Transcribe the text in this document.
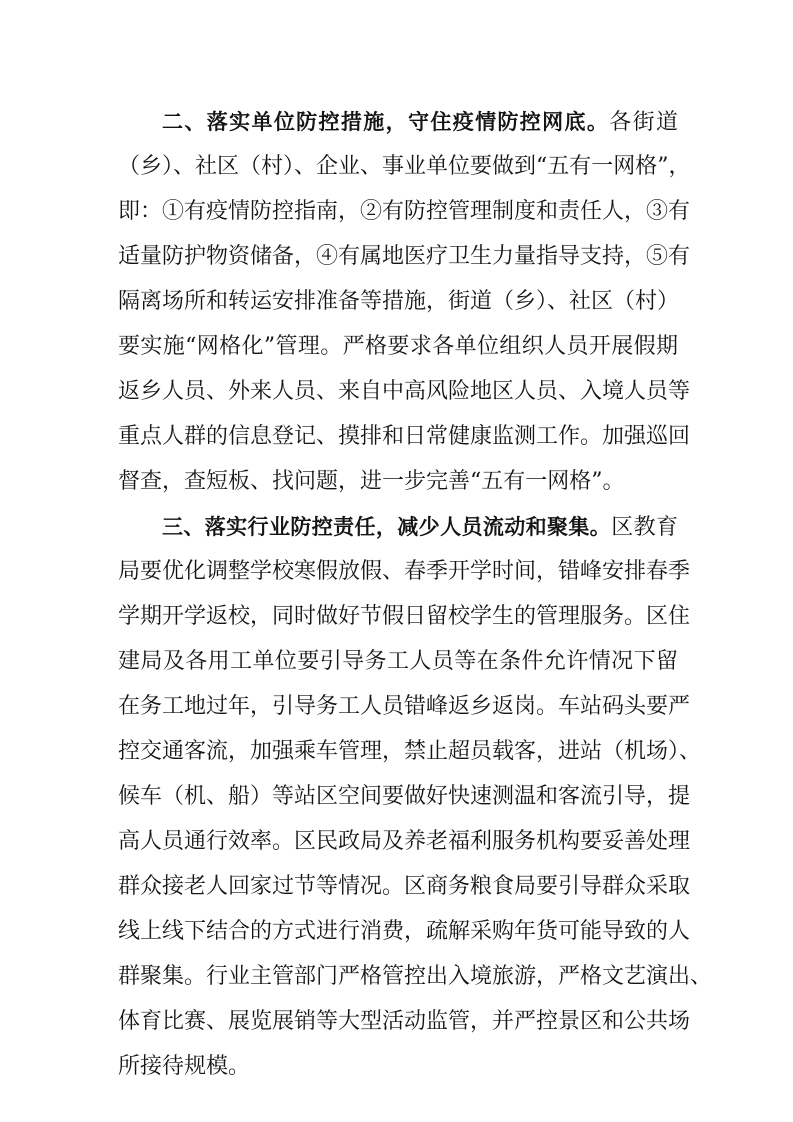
二、落实单位防控措施，守住疫情防控网底。各街道
（乡）、社区（村）、企业、事业单位要做到“五有一网格”，
即：①有疫情防控指南，②有防控管理制度和责任人，③有
适量防护物资储备，④有属地医疗卫生力量指导支持，⑤有
隔离场所和转运安排准备等措施，街道（乡）、社区（村）
要实施“网格化”管理。严格要求各单位组织人员开展假期
返乡人员、外来人员、来自中高风险地区人员、入境人员等
重点人群的信息登记、摸排和日常健康监测工作。加强巡回
督查，查短板、找问题，进一步完善“五有一网格”。
三、落实行业防控责任，减少人员流动和聚集。区教育
局要优化调整学校寒假放假、春季开学时间，错峰安排春季
学期开学返校，同时做好节假日留校学生的管理服务。区住
建局及各用工单位要引导务工人员等在条件允许情况下留
在务工地过年，引导务工人员错峰返乡返岗。车站码头要严
控交通客流，加强乘车管理，禁止超员载客，进站（机场）、
候车（机、船）等站区空间要做好快速测温和客流引导，提
高人员通行效率。区民政局及养老福利服务机构要妥善处理
群众接老人回家过节等情况。区商务粮食局要引导群众采取
线上线下结合的方式进行消费，疏解采购年货可能导致的人
群聚集。行业主管部门严格管控出入境旅游，严格文艺演出、
体育比赛、展览展销等大型活动监管，并严控景区和公共场
所接待规模。
